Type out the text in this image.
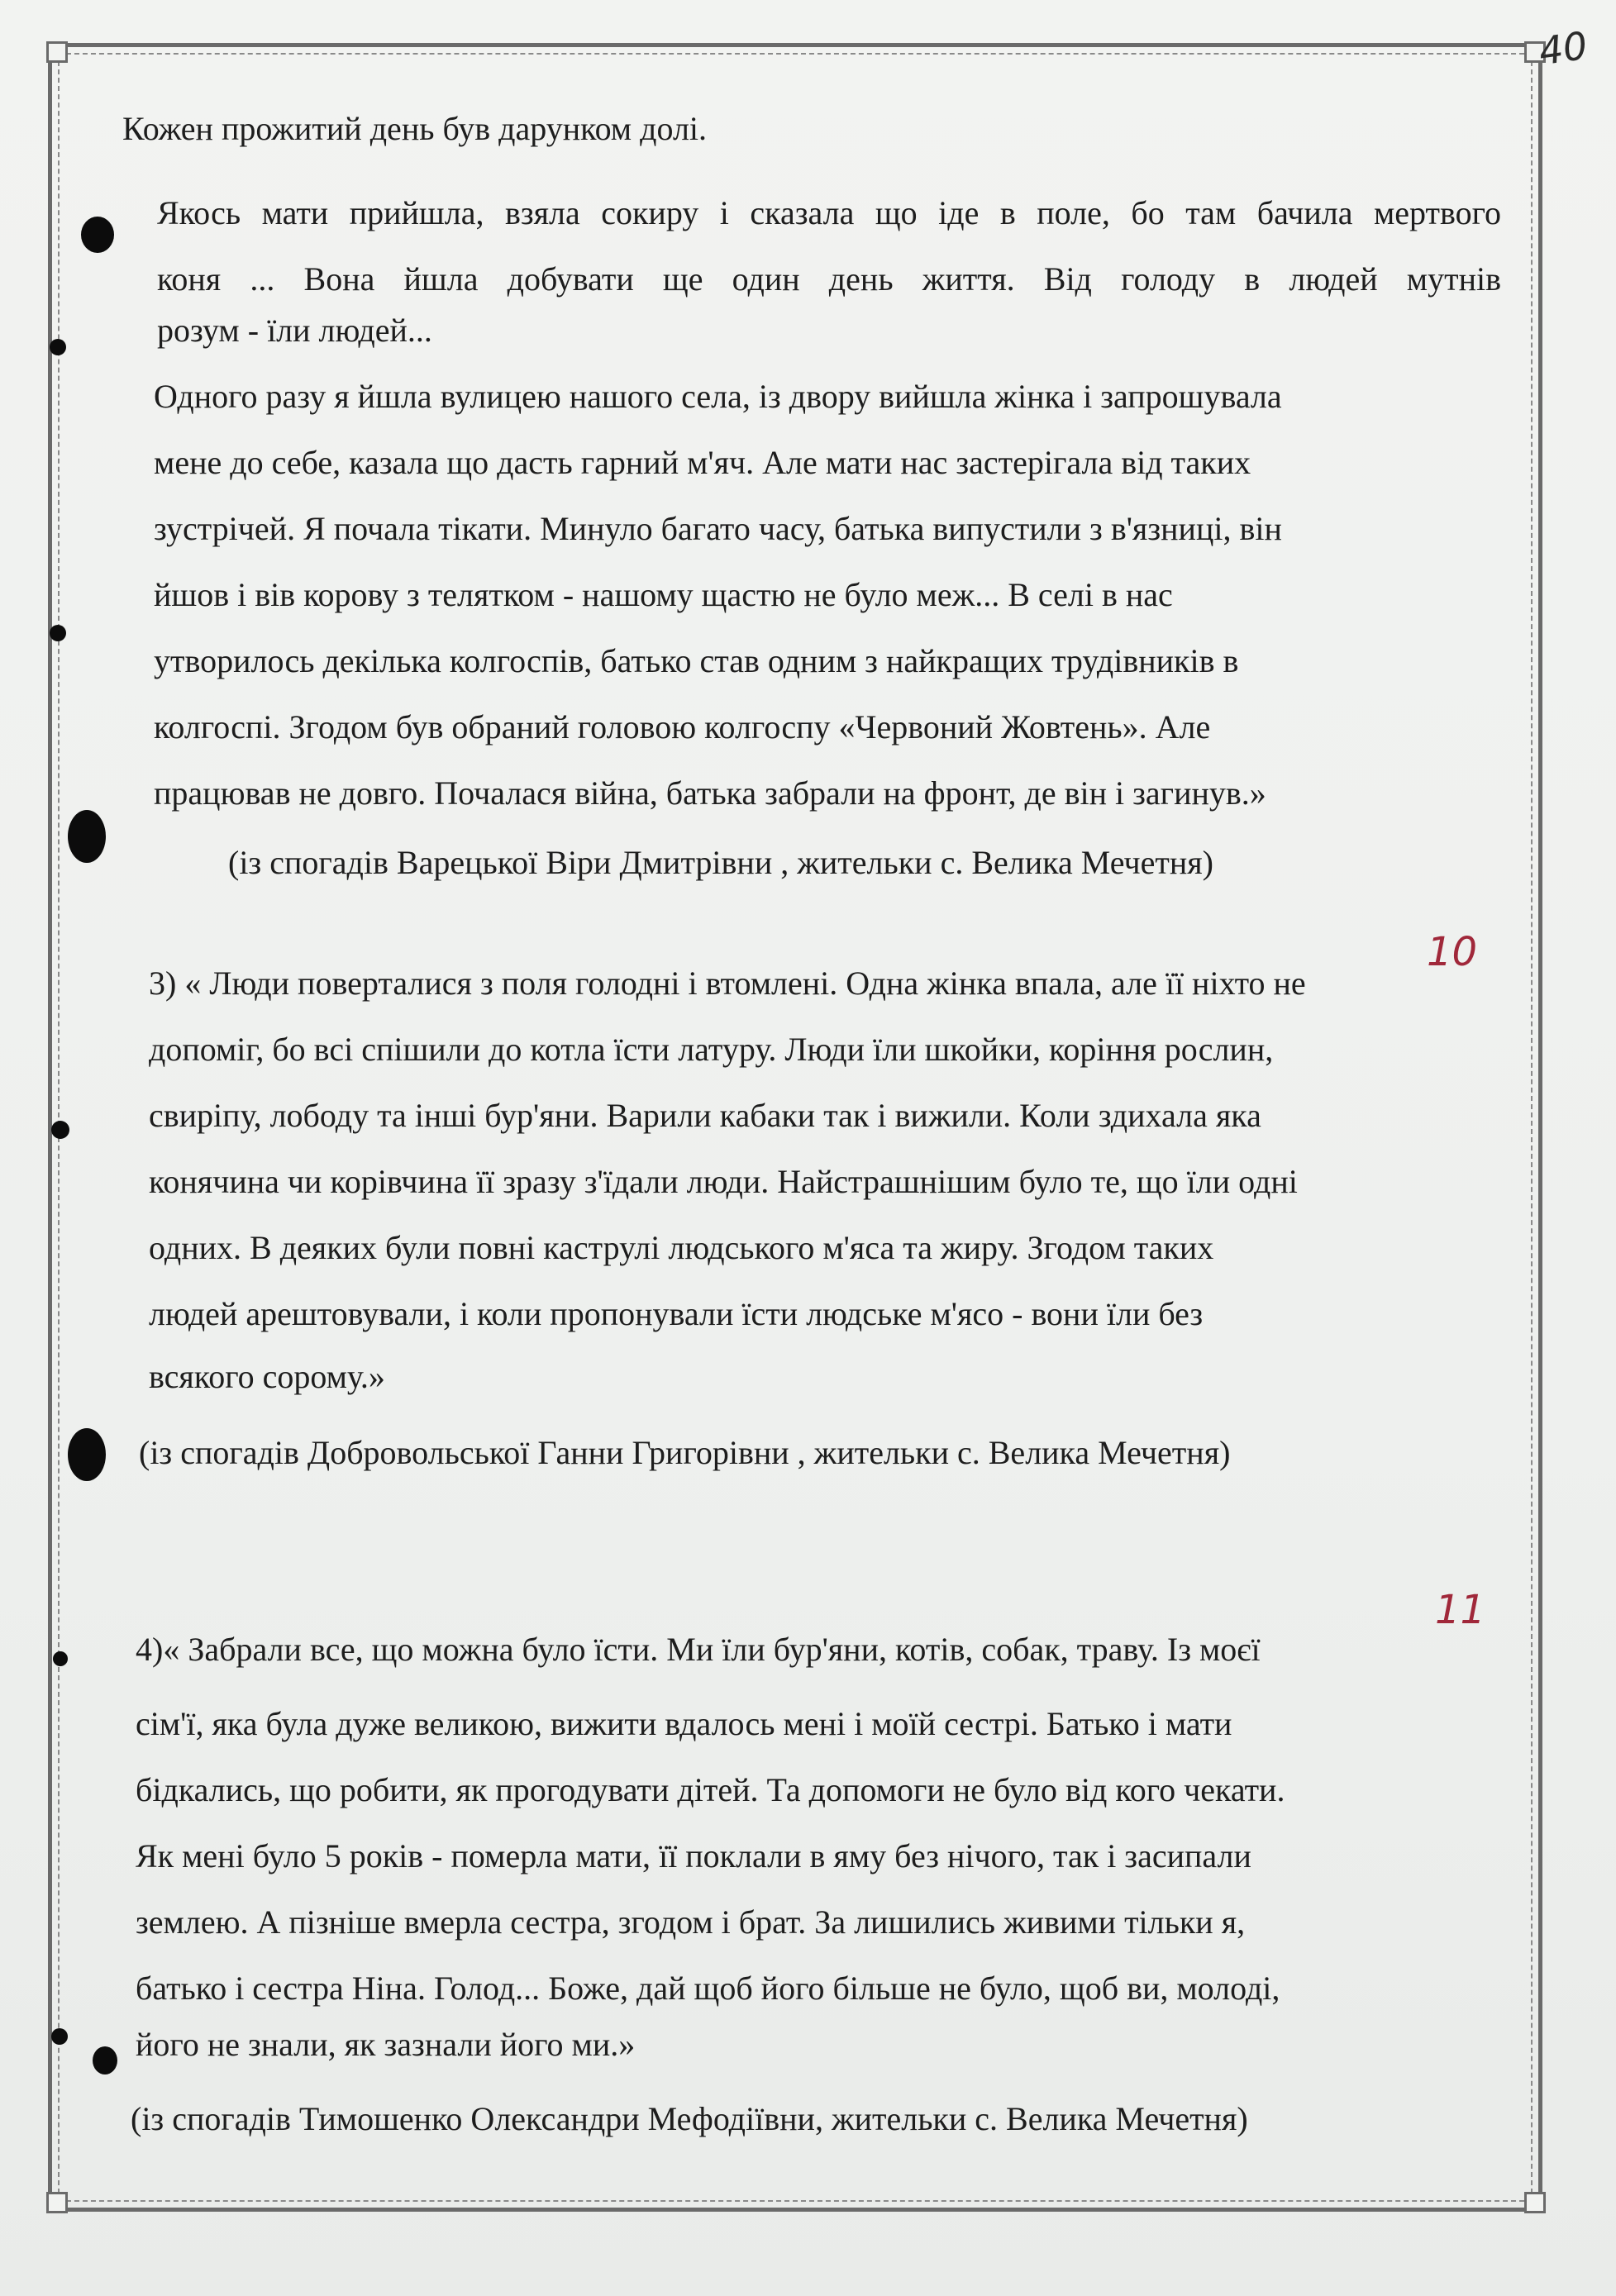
40
Кожен прожитий день був дарунком долі.
Якось мати прийшла, взяла сокиру і сказала що іде в поле, бо там бачила мертвого
коня ... Вона йшла добувати ще один день життя. Від голоду в людей мутнів
розум - їли людей...
Одного разу я йшла вулицею нашого села, із двору вийшла жінка і запрошувала
мене до себе, казала що дасть гарний м'яч. Але мати нас застерігала від таких
зустрічей. Я почала тікати. Минуло багато часу, батька випустили з в'язниці, він
йшов і вів корову з телятком - нашому щастю не було меж... В селі в нас
утворилось декілька колгоспів, батько став одним з найкращих трудівників в
колгоспі. Згодом був обраний головою колгоспу «Червоний Жовтень». Але
працював не довго. Почалася війна, батька забрали на фронт, де він і загинув.»
(із спогадів Варецької Віри Дмитрівни , жительки с. Велика Мечетня)
10
3) « Люди поверталися з поля голодні і втомлені. Одна жінка впала, але її ніхто не
допоміг, бо всі спішили до котла їсти латуру. Люди їли шкойки, коріння рослин,
свиріпу, лободу та інші бур'яни. Варили кабаки так і вижили. Коли здихала яка
конячина чи корівчина її зразу з'їдали люди. Найстрашнішим було те, що їли одні
одних. В деяких були повні каструлі людського м'яса та жиру. Згодом таких
людей арештовували, і коли пропонували їсти людське м'ясо - вони їли без
всякого сорому.»
(із спогадів Добровольської Ганни Григорівни , жительки с. Велика Мечетня)
11
4)« Забрали все, що можна було їсти. Ми їли бур'яни, котів, собак, траву. Із моєї
сім'ї, яка була дуже великою, вижити вдалось мені і моїй сестрі. Батько і мати
бідкались, що робити, як прогодувати дітей. Та допомоги не було від кого чекати.
Як мені було 5 років - померла мати, її поклали в яму без нічого, так і засипали
землею. А пізніше вмерла сестра, згодом і брат. За лишились живими тільки я,
батько і сестра Ніна. Голод... Боже, дай щоб його більше не було, щоб ви, молоді,
його не знали, як зазнали його ми.»
(із спогадів Тимошенко Олександри Мефодіївни, жительки с. Велика Мечетня)
